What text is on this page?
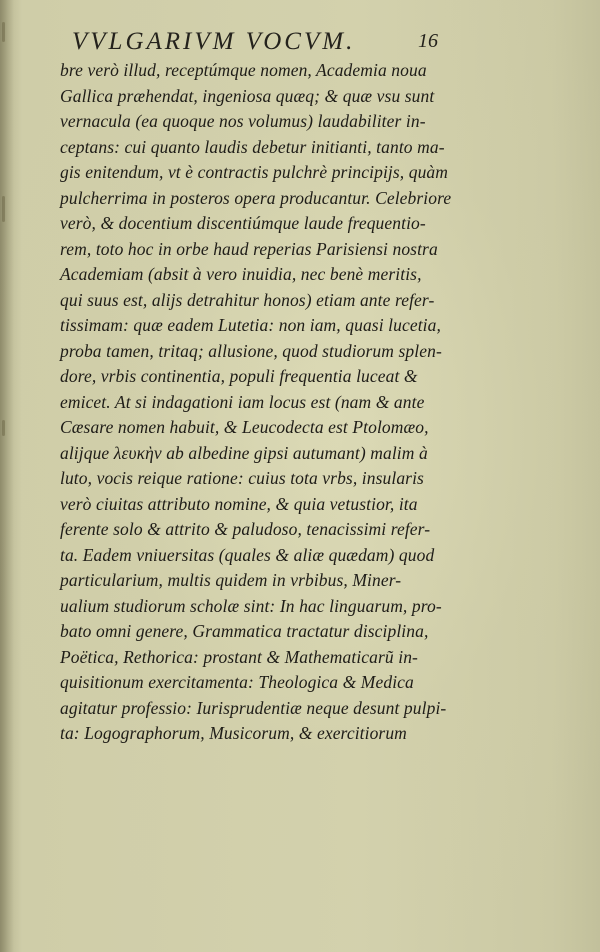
VVLGARIVM VOCVM.	16
bre verò illud, receptúmque nomen, Academia noua
Gallica præhendat, ingeniosa quæq; & quæ vsu sunt
vernacula (ea quoque nos volumus) laudabiliter in-
ceptans: cui quanto laudis debetur initianti, tanto ma-
gis enitendum, vt è contractis pulchrè principijs, quàm
pulcherrima in posteros opera producantur. Celebriore
verò, & docentium discentiúmque laude frequentio-
rem, toto hoc in orbe haud reperias Parisiensi nostra
Academiam (absit à vero inuidia, nec benè meritis,
qui suus est, alijs detrahitur honos) etiam ante refer-
tissimam: quæ eadem Lutetia: non iam, quasi lucetia,
proba tamen, tritaq; allusione, quod studiorum splen-
dore, vrbis continentia, populi frequentia luceat &
emicet. At si indagationi iam locus est (nam & ante
Cæsare nomen habuit, & Leucodecta est Ptolomæo,
alijque λευκὴν ab albedine gipsi autumant) malim à
luto, vocis reique ratione: cuius tota vrbs, insularis
verò ciuitas attributo nomine, & quia vetustior, ita
ferente solo & attrito & paludoso, tenacissimi refer-
ta. Eadem vniuersitas (quales & aliæ quædam) quod
particularium, multis quidem in vrbibus, Miner-
ualium studiorum scholæ sint: In hac linguarum, pro-
bato omni genere, Grammatica tractatur disciplina,
Poëtica, Rethorica: prostant & Mathematicarũ in-
quisitionum exercitamenta: Theologica & Medica
agitatur professio: Iurisprudentiæ neque desunt pulpi-
ta: Logographorum, Musicorum, & exercitiorum
